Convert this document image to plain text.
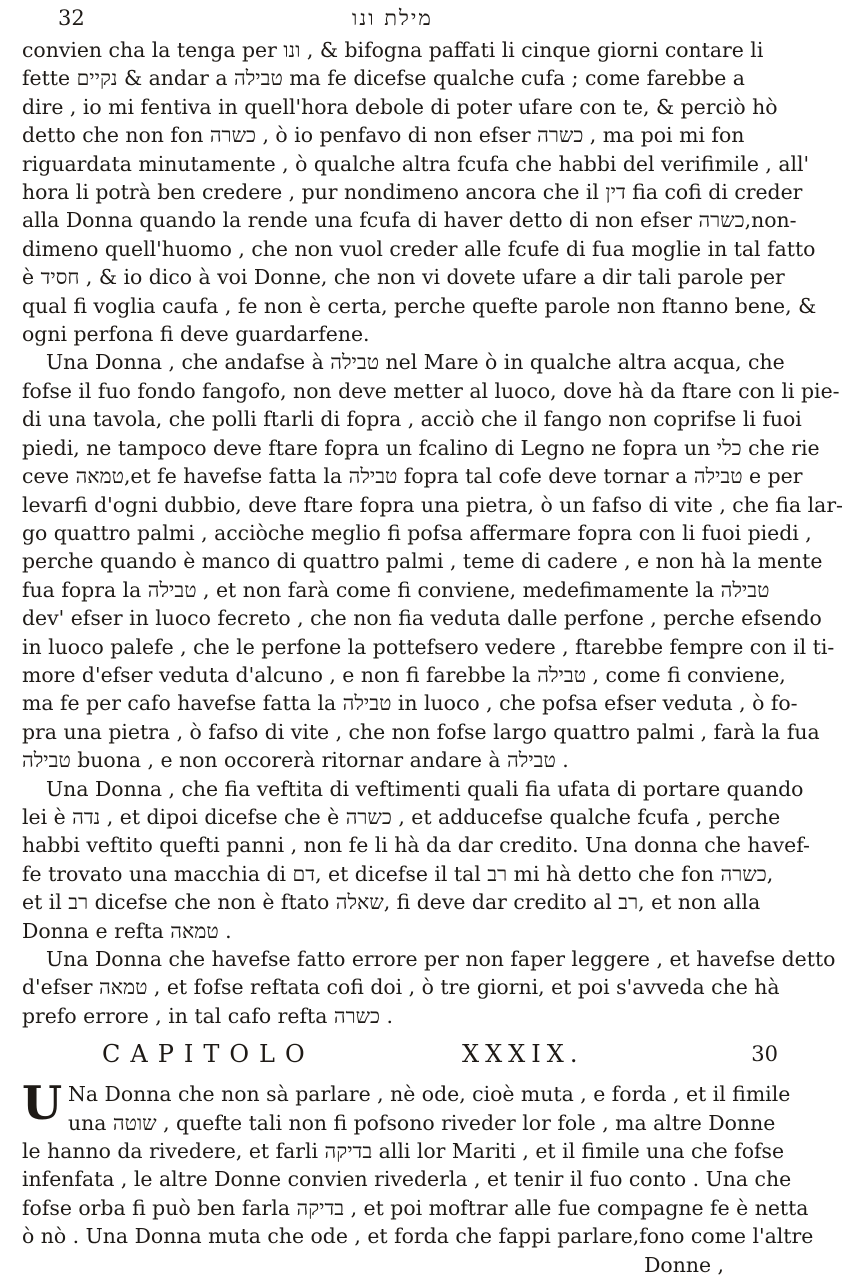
32	מילת ונו

convien cha la tenga per ונו , & bifogna paffati li cinque giorni contare li
fette נקיים & andar a טבילה ma fe dicefse qualche cufa ; come farebbe a
dire , io mi fentiva in quell'hora debole di poter ufare con te, & perciò hò
detto che non fon כשרה , ò io penfavo di non efser כשרה , ma poi mi fon
riguardata minutamente , ò qualche altra fcufa che habbi del verifimile , all'
hora li potrà ben credere , pur nondimeno ancora che il דין fia cofi di creder
alla Donna quando la rende una fcufa di haver detto di non efser כשרה,non-
dimeno quell'huomo , che non vuol creder alle fcufe di fua moglie in tal fatto
è חסיד , & io dico à voi Donne, che non vi dovete ufare a dir tali parole per
qual fi voglia caufa , fe non è certa, perche quefte parole non ftanno bene, &
ogni perfona fi deve guardarfene.

Una Donna , che andafse à טבילה nel Mare ò in qualche altra acqua, che
fofse il fuo fondo fangofo, non deve metter al luoco, dove hà da ftare con li pie-
di una tavola, che polli ftarli di fopra , acciò che il fango non coprifse li fuoi
piedi, ne tampoco deve ftare fopra un fcalino di Legno ne fopra un כלי che rie
ceve טמאה,et fe havefse fatta la טבילה fopra tal cofe deve tornar a טבילה e per
levarfi d'ogni dubbio, deve ftare fopra una pietra, ò un fafso di vite , che fia lar-
go quattro palmi , acciòche meglio fi pofsa affermare fopra con li fuoi piedi ,
perche quando è manco di quattro palmi , teme di cadere , e non hà la mente
fua fopra la טבילה , et non farà come fi conviene, medefimamente la טבילה
dev' efser in luoco fecreto , che non fia veduta dalle perfone , perche efsendo
in luoco palefe , che le perfone la pottefsero vedere , ftarebbe fempre con il ti-
more d'efser veduta d'alcuno , e non fi farebbe la טבילה , come fi conviene,
ma fe per cafo havefse fatta la טבילה in luoco , che pofsa efser veduta , ò fo-
pra una pietra , ò fafso di vite , che non fofse largo quattro palmi , farà la fua
טבילה buona , e non occorerà ritornar andare à טבילה .

Una Donna , che fia veftita di veftimenti quali fia ufata di portare quando
lei è נדה , et dipoi dicefse che è כשרה , et adducefse qualche fcufa , perche
habbi veftito quefti panni , non fe li hà da dar credito. Una donna che havef-
fe trovato una macchia di דם, et dicefse il tal רב mi hà detto che fon כשרה,
et il רב dicefse che non è ftato שאלה, fi deve dar credito al רב, et non alla
Donna e refta טמאה .

Una Donna che havefse fatto errore per non faper leggere , et havefse detto
d'efser טמאה , et fofse reftata cofi doi , ò tre giorni, et poi s'avveda che hà
prefo errore , in tal cafo refta כשרה .

CAPITOLO	XXXIX.	30
U Na Donna che non sà parlare , nè ode, cioè muta , e forda , et il fimile
una שוטה , quefte tali non fi pofsono riveder lor fole , ma altre Donne
le hanno da rivedere, et farli בדיקה alli lor Mariti , et il fimile una che fofse
infenfata , le altre Donne convien rivederla , et tenir il fuo conto . Una che
fofse orba fi può ben farla בדיקה , et poi moftrar alle fue compagne fe è netta
ò nò . Una Donna muta che ode , et forda che fappi parlare,fono come l'altre
Donne ,
